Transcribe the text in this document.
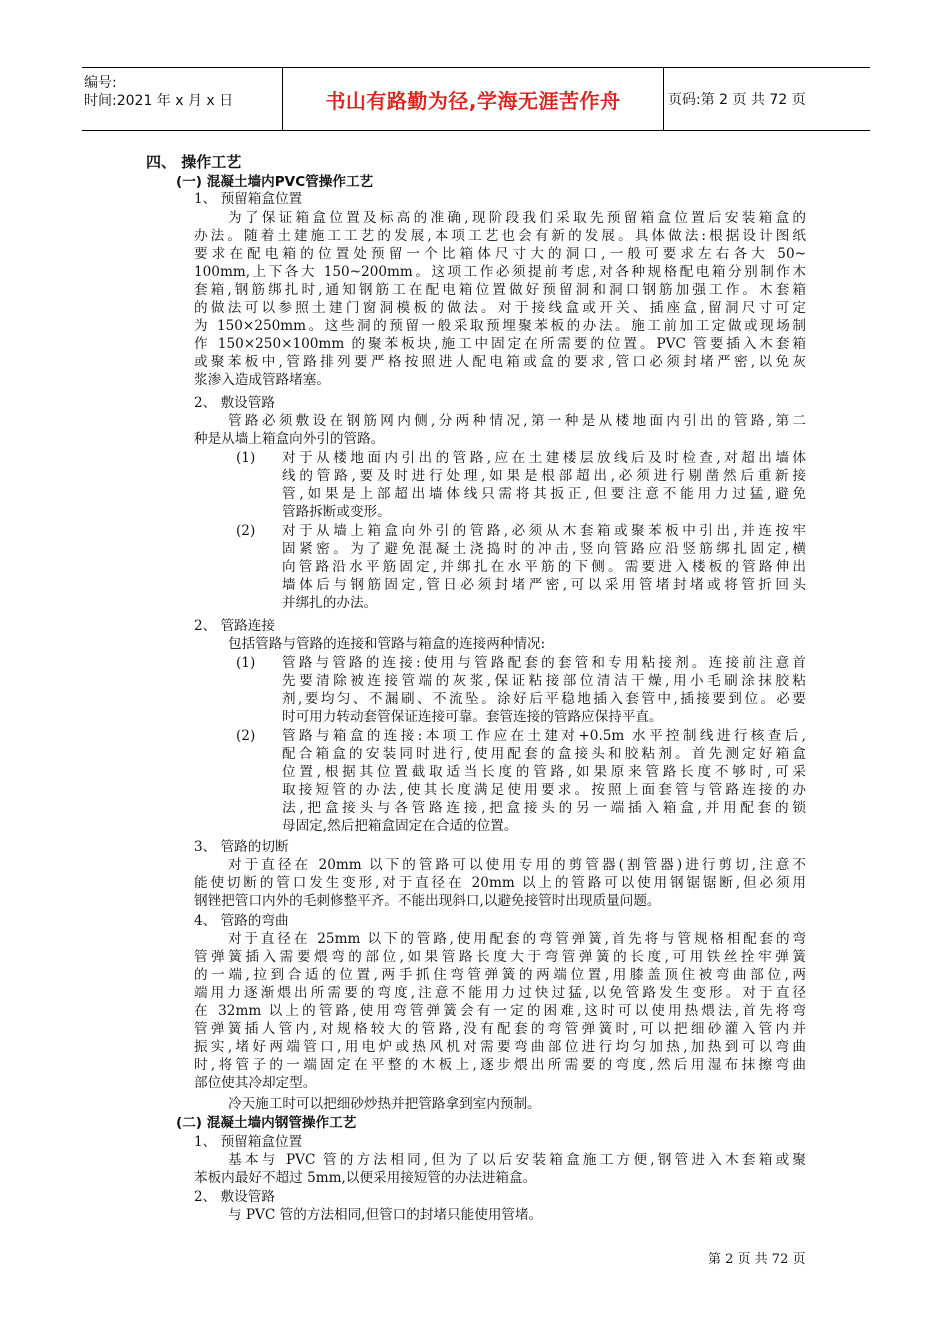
编号:
时间:2021 年 x 月 x 日	书山有路勤为径,学海无涯苦作舟	页码:第 2 页 共 72 页
四、 操作工艺
(一) 混凝土墙内PVC管操作工艺
1、 预留箱盒位置
为了保证箱盒位置及标高的准确,现阶段我们采取先预留箱盒位置后安装箱盒的
办法。随着土建施工工艺的发展,本项工艺也会有新的发展。具体做法:根据设计图纸
要求在配电箱的位置处预留一个比箱体尺寸大的洞口,一般可要求左右各大 50~
100mm,上下各大 150~200mm。这项工作必须提前考虑,对各种规格配电箱分别制作木
套箱,钢筋绑扎时,通知钢筋工在配电箱位置做好预留洞和洞口钢筋加强工作。木套箱
的做法可以参照土建门窗洞模板的做法。对于接线盒或开关、插座盒,留洞尺寸可定
为 150×250mm。这些洞的预留一般采取预埋聚苯板的办法。施工前加工定做或现场制
作 150×250×100mm 的聚苯板块,施工中固定在所需要的位置。PVC 管要插入木套箱
或聚苯板中,管路排列要严格按照进人配电箱或盒的要求,管口必须封堵严密,以免灰
浆渗入造成管路堵塞。
2、 敷设管路
管路必须敷设在钢筋网内侧,分两种情况,第一种是从楼地面内引出的管路,第二
种是从墙上箱盒向外引的管路。
(1) 对于从楼地面内引出的管路,应在土建楼层放线后及时检查,对超出墙体
线的管路,要及时进行处理,如果是根部超出,必须进行剔凿然后重新接
管,如果是上部超出墙体线只需将其扳正,但要注意不能用力过猛,避免
管路拆断或变形。
(2) 对于从墙上箱盒向外引的管路,必须从木套箱或聚苯板中引出,并连按牢
固紧密。为了避免混凝土浇捣时的冲击,竖向管路应沿竖筋绑扎固定,横
向管路沿水平筋固定,并绑扎在水平筋的下侧。需要进入楼板的管路伸出
墙体后与钢筋固定,管日必须封堵严密,可以采用管堵封堵或将管折回头
并绑扎的办法。
2、 管路连接
包括管路与管路的连接和管路与箱盒的连接两种情况:
(1) 管路与管路的连接:使用与管路配套的套管和专用粘接剂。连接前注意首
先要清除被连接管端的灰浆,保证粘接部位清洁干燥,用小毛刷涂抹胶粘
剂,要均匀、不漏刷、不流坠。涂好后平稳地插入套管中,插接要到位。必要
时可用力转动套管保证连接可靠。套管连接的管路应保持平直。
(2) 管路与箱盒的连接:本项工作应在土建对+0.5m 水平控制线进行核查后,
配合箱盒的安装同时进行,使用配套的盒接头和胶粘剂。首先测定好箱盒
位置,根据其位置截取适当长度的管路,如果原来管路长度不够时,可采
取接短管的办法,使其长度满足使用要求。按照上面套管与管路连接的办
法,把盒接头与各管路连接,把盒接头的另一端插入箱盒,并用配套的锁
母固定,然后把箱盒固定在合适的位置。
3、 管路的切断
对于直径在 20mm 以下的管路可以使用专用的剪管器(割管器)进行剪切,注意不
能使切断的管口发生变形,对于直径在 20mm 以上的管路可以使用钢锯锯断,但必须用
钢锉把管口内外的毛刺修整平齐。不能出现斜口,以避免接管时出现质量问题。
4、 管路的弯曲
对于直径在 25mm 以下的管路,使用配套的弯管弹簧,首先将与管规格相配套的弯
管弹簧插入需要煨弯的部位,如果管路长度大于弯管弹簧的长度,可用铁丝拴牢弹簧
的一端,拉到合适的位置,两手抓住弯管弹簧的两端位置,用膝盖顶住被弯曲部位,两
端用力逐渐煨出所需要的弯度,注意不能用力过快过猛,以免管路发生变形。对于直径
在 32mm 以上的管路,使用弯管弹簧会有一定的困难,这时可以使用热煨法,首先将弯
管弹簧插人管内,对规格较大的管路,没有配套的弯管弹簧时,可以把细砂灌入管内并
振实,堵好两端管口,用电炉或热风机对需要弯曲部位进行均匀加热,加热到可以弯曲
时,将管子的一端固定在平整的木板上,逐步煨出所需要的弯度,然后用湿布抹擦弯曲
部位使其冷却定型。
冷天施工时可以把细砂炒热并把管路拿到室内预制。
(二) 混凝土墙内钢管操作工艺
1、 预留箱盒位置
基本与 PVC 管的方法相同,但为了以后安装箱盒施工方便,钢管进入木套箱或聚
苯板内最好不超过 5mm,以便采用接短管的办法进箱盒。
2、 敷设管路
与 PVC 管的方法相同,但管口的封堵只能使用管堵。
第 2 页 共 72 页
